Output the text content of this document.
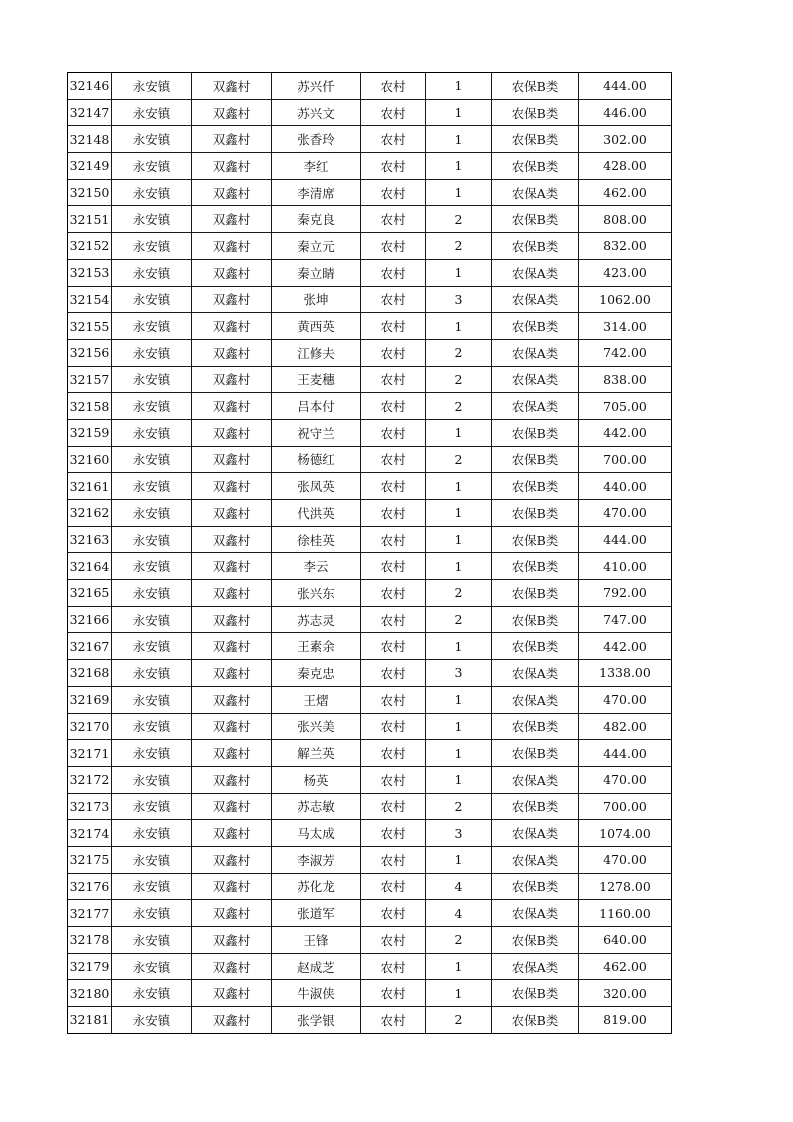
32146	永安镇	双鑫村	苏兴仟	农村	1	农保B类	444.00
32147	永安镇	双鑫村	苏兴文	农村	1	农保B类	446.00
32148	永安镇	双鑫村	张香玲	农村	1	农保B类	302.00
32149	永安镇	双鑫村	李红	农村	1	农保B类	428.00
32150	永安镇	双鑫村	李清席	农村	1	农保A类	462.00
32151	永安镇	双鑫村	秦克良	农村	2	农保B类	808.00
32152	永安镇	双鑫村	秦立元	农村	2	农保B类	832.00
32153	永安镇	双鑫村	秦立睛	农村	1	农保A类	423.00
32154	永安镇	双鑫村	张坤	农村	3	农保A类	1062.00
32155	永安镇	双鑫村	黄西英	农村	1	农保B类	314.00
32156	永安镇	双鑫村	江修夫	农村	2	农保A类	742.00
32157	永安镇	双鑫村	王麦穗	农村	2	农保A类	838.00
32158	永安镇	双鑫村	吕本付	农村	2	农保A类	705.00
32159	永安镇	双鑫村	祝守兰	农村	1	农保B类	442.00
32160	永安镇	双鑫村	杨德红	农村	2	农保B类	700.00
32161	永安镇	双鑫村	张凤英	农村	1	农保B类	440.00
32162	永安镇	双鑫村	代洪英	农村	1	农保B类	470.00
32163	永安镇	双鑫村	徐桂英	农村	1	农保B类	444.00
32164	永安镇	双鑫村	李云	农村	1	农保B类	410.00
32165	永安镇	双鑫村	张兴东	农村	2	农保B类	792.00
32166	永安镇	双鑫村	苏志灵	农村	2	农保B类	747.00
32167	永安镇	双鑫村	王素余	农村	1	农保B类	442.00
32168	永安镇	双鑫村	秦克忠	农村	3	农保A类	1338.00
32169	永安镇	双鑫村	王熠	农村	1	农保A类	470.00
32170	永安镇	双鑫村	张兴美	农村	1	农保B类	482.00
32171	永安镇	双鑫村	解兰英	农村	1	农保B类	444.00
32172	永安镇	双鑫村	杨英	农村	1	农保A类	470.00
32173	永安镇	双鑫村	苏志敏	农村	2	农保B类	700.00
32174	永安镇	双鑫村	马太成	农村	3	农保A类	1074.00
32175	永安镇	双鑫村	李淑芳	农村	1	农保A类	470.00
32176	永安镇	双鑫村	苏化龙	农村	4	农保B类	1278.00
32177	永安镇	双鑫村	张道军	农村	4	农保A类	1160.00
32178	永安镇	双鑫村	王锋	农村	2	农保B类	640.00
32179	永安镇	双鑫村	赵成芝	农村	1	农保A类	462.00
32180	永安镇	双鑫村	牛淑侠	农村	1	农保B类	320.00
32181	永安镇	双鑫村	张学银	农村	2	农保B类	819.00
